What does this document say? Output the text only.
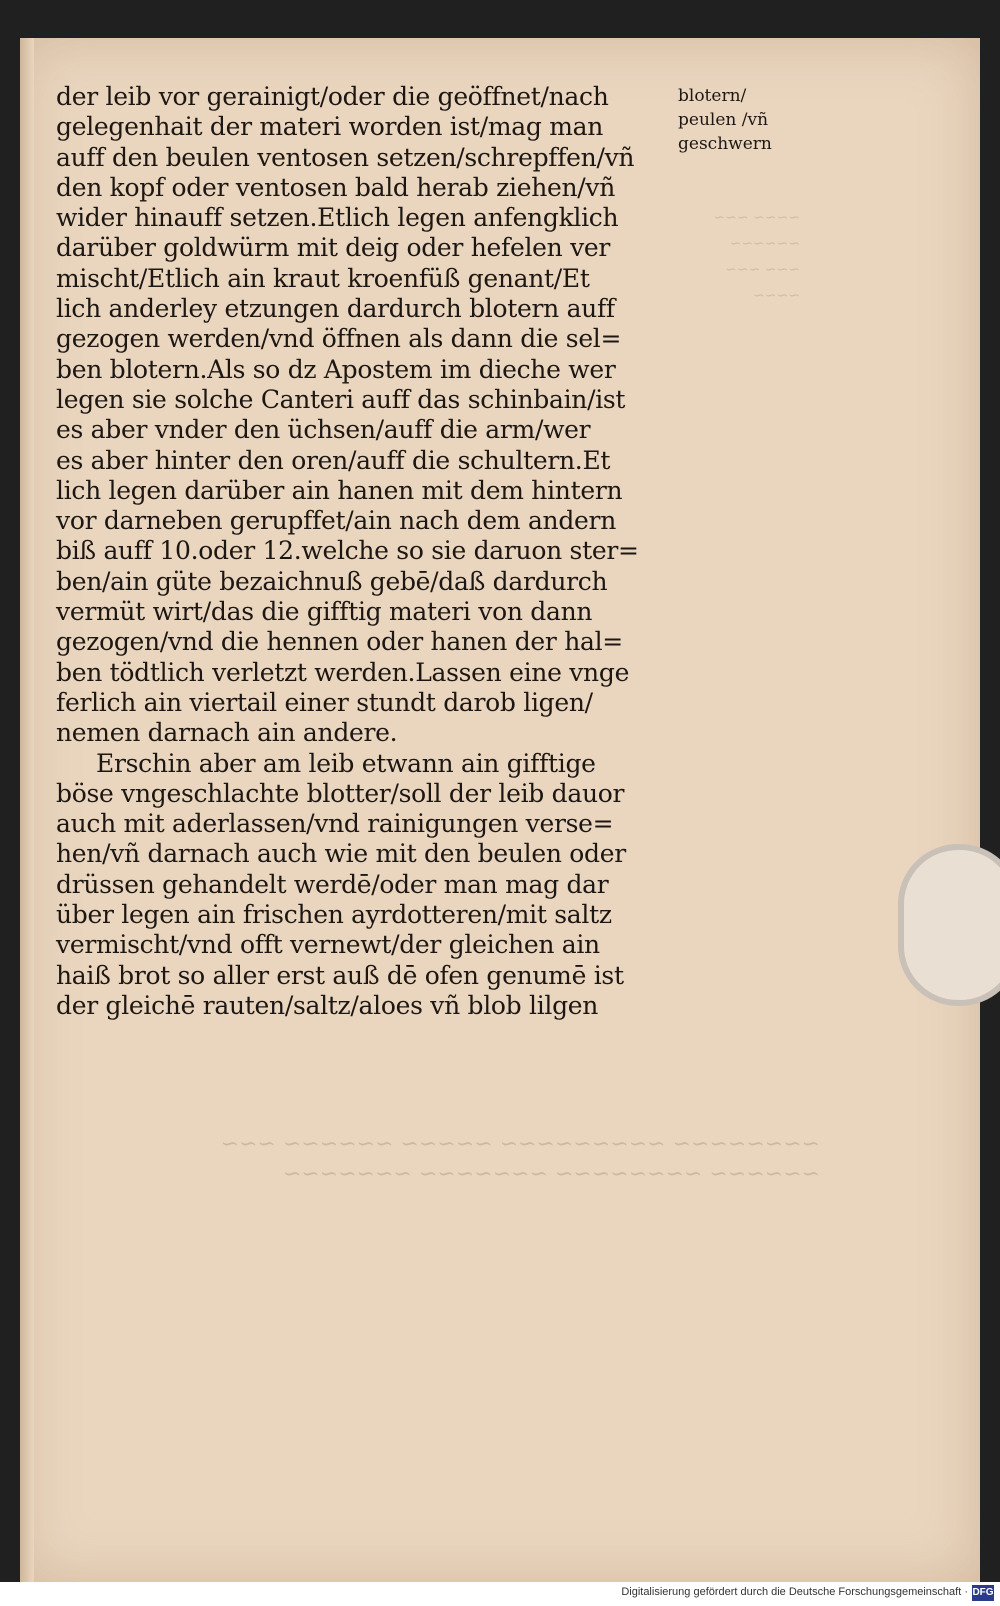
~~~~ ~~~
~~~~~~
~~~ ~~~
~~~~
~~~~~~~~ ~~~~~~~~~ ~~~~~ ~~~~~~ ~~~
~~~~~~ ~~~~~~~~ ~~~~~~~ ~~~~~~~
der leib vor gerainigt/oder die geöffnet/nach
gelegenhait der materi worden ist/mag man
auff den beulen ventosen setzen/schrepffen/vñ
den kopf oder ventosen bald herab ziehen/vñ
wider hinauff setzen.Etlich legen anfengklich
darüber goldwürm mit deig oder hefelen ver
mischt/Etlich ain kraut kroenfüß genant/Et
lich anderley etzungen dardurch blotern auff
gezogen werden/vnd öffnen als dann die sel=
ben blotern.Als so dz Apostem im dieche wer
legen sie solche Canteri auff das schinbain/ist
es aber vnder den üchsen/auff die arm/wer
es aber hinter den oren/auff die schultern.Et
lich legen darüber ain hanen mit dem hintern
vor darneben gerupffet/ain nach dem andern
biß auff 10.oder 12.welche so sie daruon ster=
ben/ain güte bezaichnuß gebē/daß dardurch
vermüt wirt/das die gifftig materi von dann
gezogen/vnd die hennen oder hanen der hal=
ben tödtlich verletzt werden.Lassen eine vnge
ferlich ain viertail einer stundt darob ligen/
nemen darnach ain andere.
Erschin aber am leib etwann ain gifftige
böse vngeschlachte blotter/soll der leib dauor
auch mit aderlassen/vnd rainigungen verse=
hen/vñ darnach auch wie mit den beulen oder
drüssen gehandelt werdē/oder man mag dar
über legen ain frischen ayrdotteren/mit saltz
vermischt/vnd offt vernewt/der gleichen ain
haiß brot so aller erst auß dē ofen genumē ist
der gleichē rauten/saltz/aloes vñ blob lilgen
blotern/
peulen /vñ
geschwern
Digitalisierung gefördert durch die Deutsche Forschungsgemeinschaft · DFG
